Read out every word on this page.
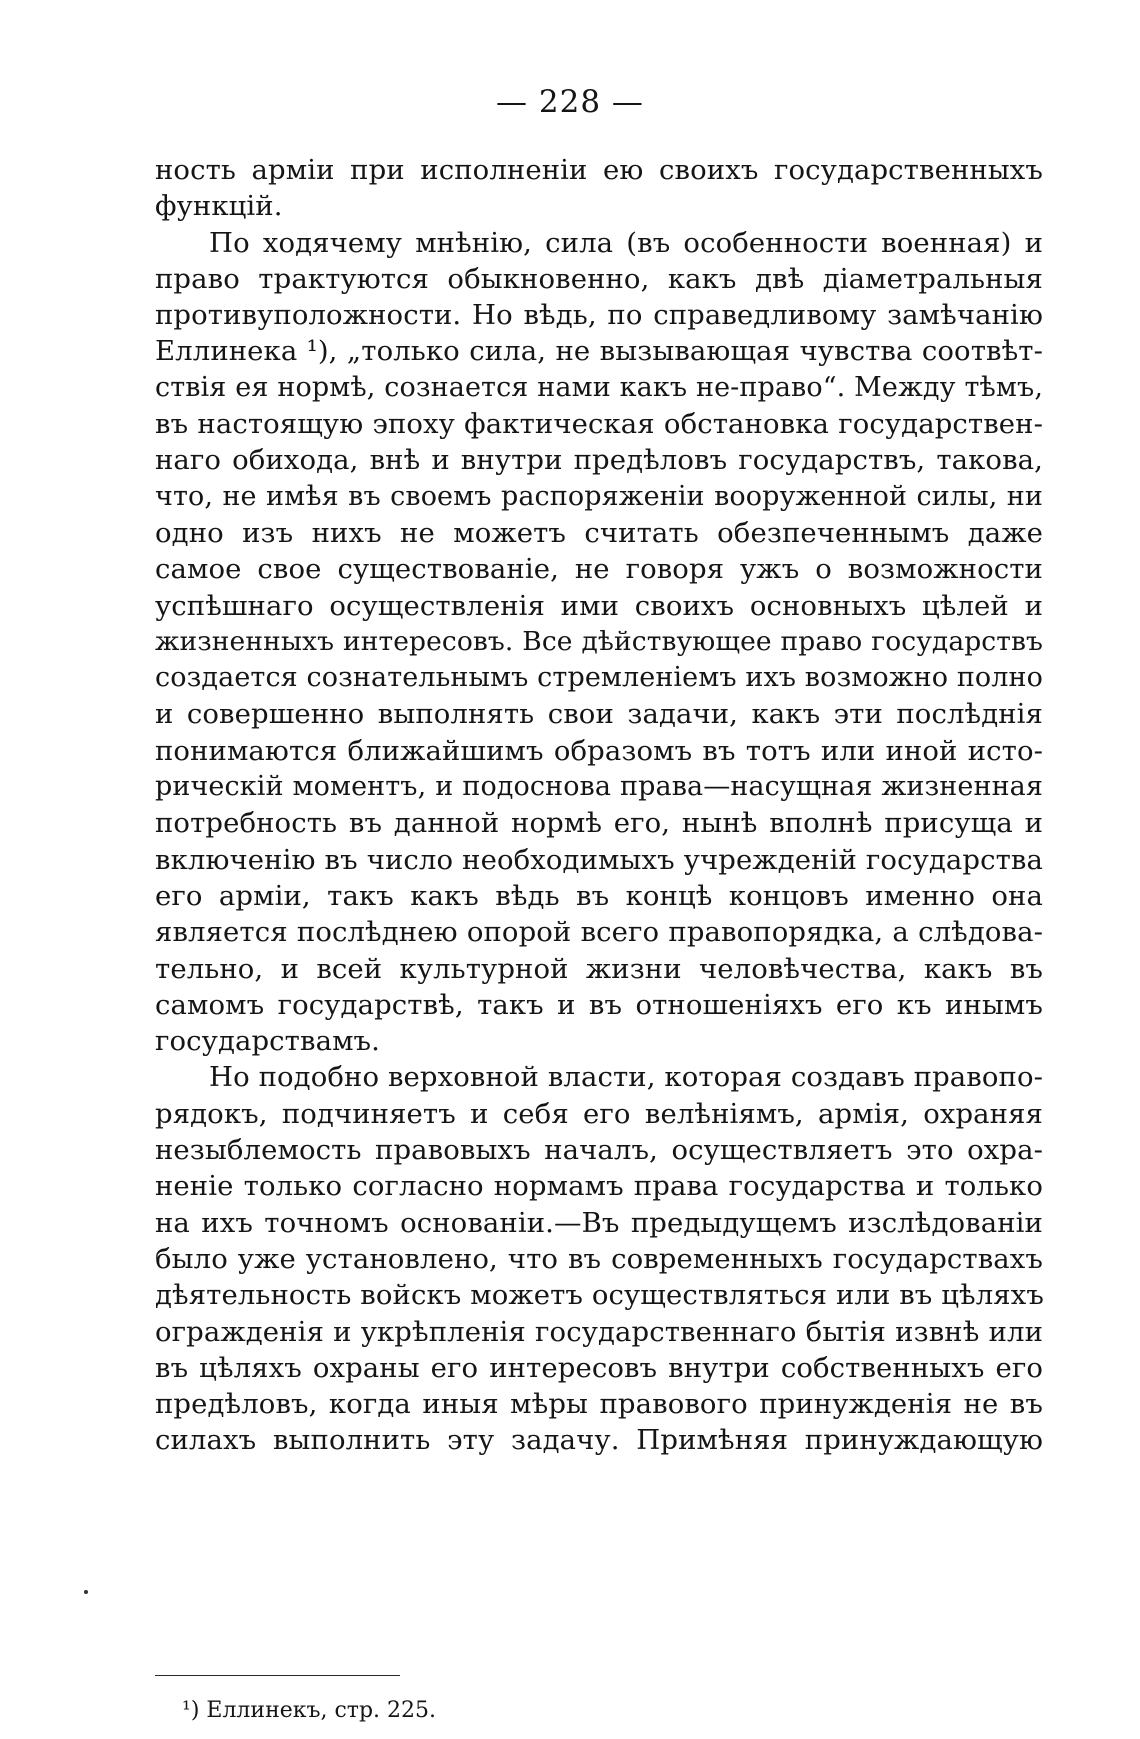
— 228 —
ность арміи при исполненіи ею своихъ государственныхъ
функцій.
По ходячему мнѣнію, сила (въ особенности военная) и
право трактуются обыкновенно, какъ двѣ діаметральныя
противуположности. Но вѣдь, по справедливому замѣчанію
Еллинека ¹), „только сила, не вызывающая чувства соотвѣт-
ствія ея нормѣ, сознается нами какъ не-право“. Между тѣмъ,
въ настоящую эпоху фактическая обстановка государствен-
наго обихода, внѣ и внутри предѣловъ государствъ, такова,
что, не имѣя въ своемъ распоряженіи вооруженной силы, ни
одно изъ нихъ не можетъ считать обезпеченнымъ даже
самое свое существованіе, не говоря ужъ о возможности
успѣшнаго осуществленія ими своихъ основныхъ цѣлей и
жизненныхъ интересовъ. Все дѣйствующее право государствъ
создается сознательнымъ стремленіемъ ихъ возможно полно
и совершенно выполнять свои задачи, какъ эти послѣднія
понимаются ближайшимъ образомъ въ тотъ или иной исто-
рическій моментъ, и подоснова права—насущная жизненная
потребность въ данной нормѣ его, нынѣ вполнѣ присуща и
включенію въ число необходимыхъ учрежденій государства
его арміи, такъ какъ вѣдь въ концѣ концовъ именно она
является послѣднею опорой всего правопорядка, а слѣдова-
тельно, и всей культурной жизни человѣчества, какъ въ
самомъ государствѣ, такъ и въ отношеніяхъ его къ инымъ
государствамъ.
Но подобно верховной власти, которая создавъ правопо-
рядокъ, подчиняетъ и себя его велѣніямъ, армія, охраняя
незыблемость правовыхъ началъ, осуществляетъ это охра-
неніе только согласно нормамъ права государства и только
на ихъ точномъ основаніи.—Въ предыдущемъ изслѣдованіи
было уже установлено, что въ современныхъ государствахъ
дѣятельность войскъ можетъ осуществляться или въ цѣляхъ
огражденія и укрѣпленія государственнаго бытія извнѣ или
въ цѣляхъ охраны его интересовъ внутри собственныхъ его
предѣловъ, когда иныя мѣры правового принужденія не въ
силахъ выполнить эту задачу. Примѣняя принуждающую
¹) Еллинекъ, стр. 225.
